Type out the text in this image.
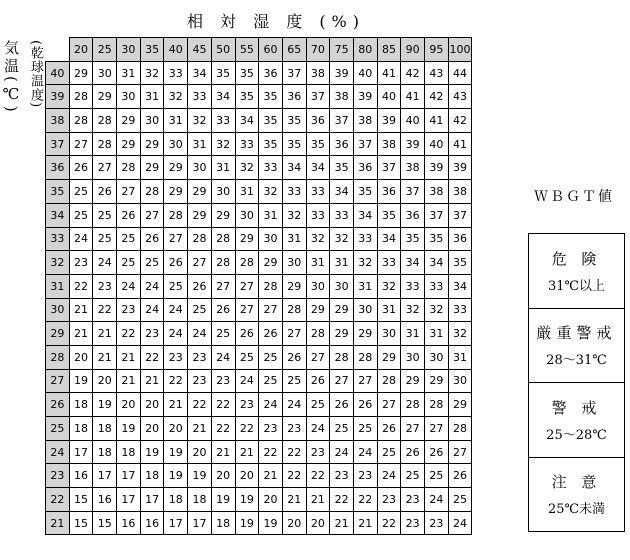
相 対 湿 度 (%)
気温(℃) (乾球温度)
		20	25	30	35	40	45	50	55	60	65	70	75	80	85	90	95	100
40	29	30	31	32	33	34	35	35	36	37	38	39	40	41	42	43	44
39	28	29	30	31	32	33	34	35	35	36	37	38	39	40	41	42	43
38	28	28	29	30	31	32	33	34	35	35	36	37	38	39	40	41	42
37	27	28	29	29	30	31	32	33	35	35	35	36	37	38	39	40	41
36	26	27	28	29	29	30	31	32	33	34	34	35	36	37	38	39	39
35	25	26	27	28	29	29	30	31	32	33	33	34	35	36	37	38	38
34	25	25	26	27	28	29	29	30	31	32	33	33	34	35	36	37	37
33	24	25	25	26	27	28	28	29	30	31	32	32	33	34	35	35	36
32	23	24	25	25	26	27	28	28	29	30	31	31	32	33	34	34	35
31	22	23	24	24	25	26	27	27	28	29	30	30	31	32	33	33	34
30	21	22	23	24	24	25	26	27	27	28	29	29	30	31	32	32	33
29	21	21	22	23	24	24	25	26	26	27	28	29	29	30	31	31	32
28	20	21	21	22	23	23	24	25	25	26	27	28	28	29	30	30	31
27	19	20	21	21	22	23	23	24	25	25	26	27	27	28	29	29	30
26	18	19	20	20	21	22	22	23	24	24	25	26	26	27	28	28	29
25	18	18	19	20	20	21	22	22	23	23	24	25	25	26	27	27	28
24	17	18	18	19	19	20	21	21	22	22	23	24	24	25	26	26	27
23	16	17	17	18	19	19	20	20	21	22	22	23	23	24	25	25	26
22	15	16	17	17	18	18	19	19	20	21	21	22	22	23	23	24	25
21	15	15	16	16	17	17	18	19	19	20	20	21	21	22	23	23	24
ＷＢＧＴ値
危 険
31℃以上
厳重警戒
28～31℃
警 戒
25～28℃
注 意
25℃未満
